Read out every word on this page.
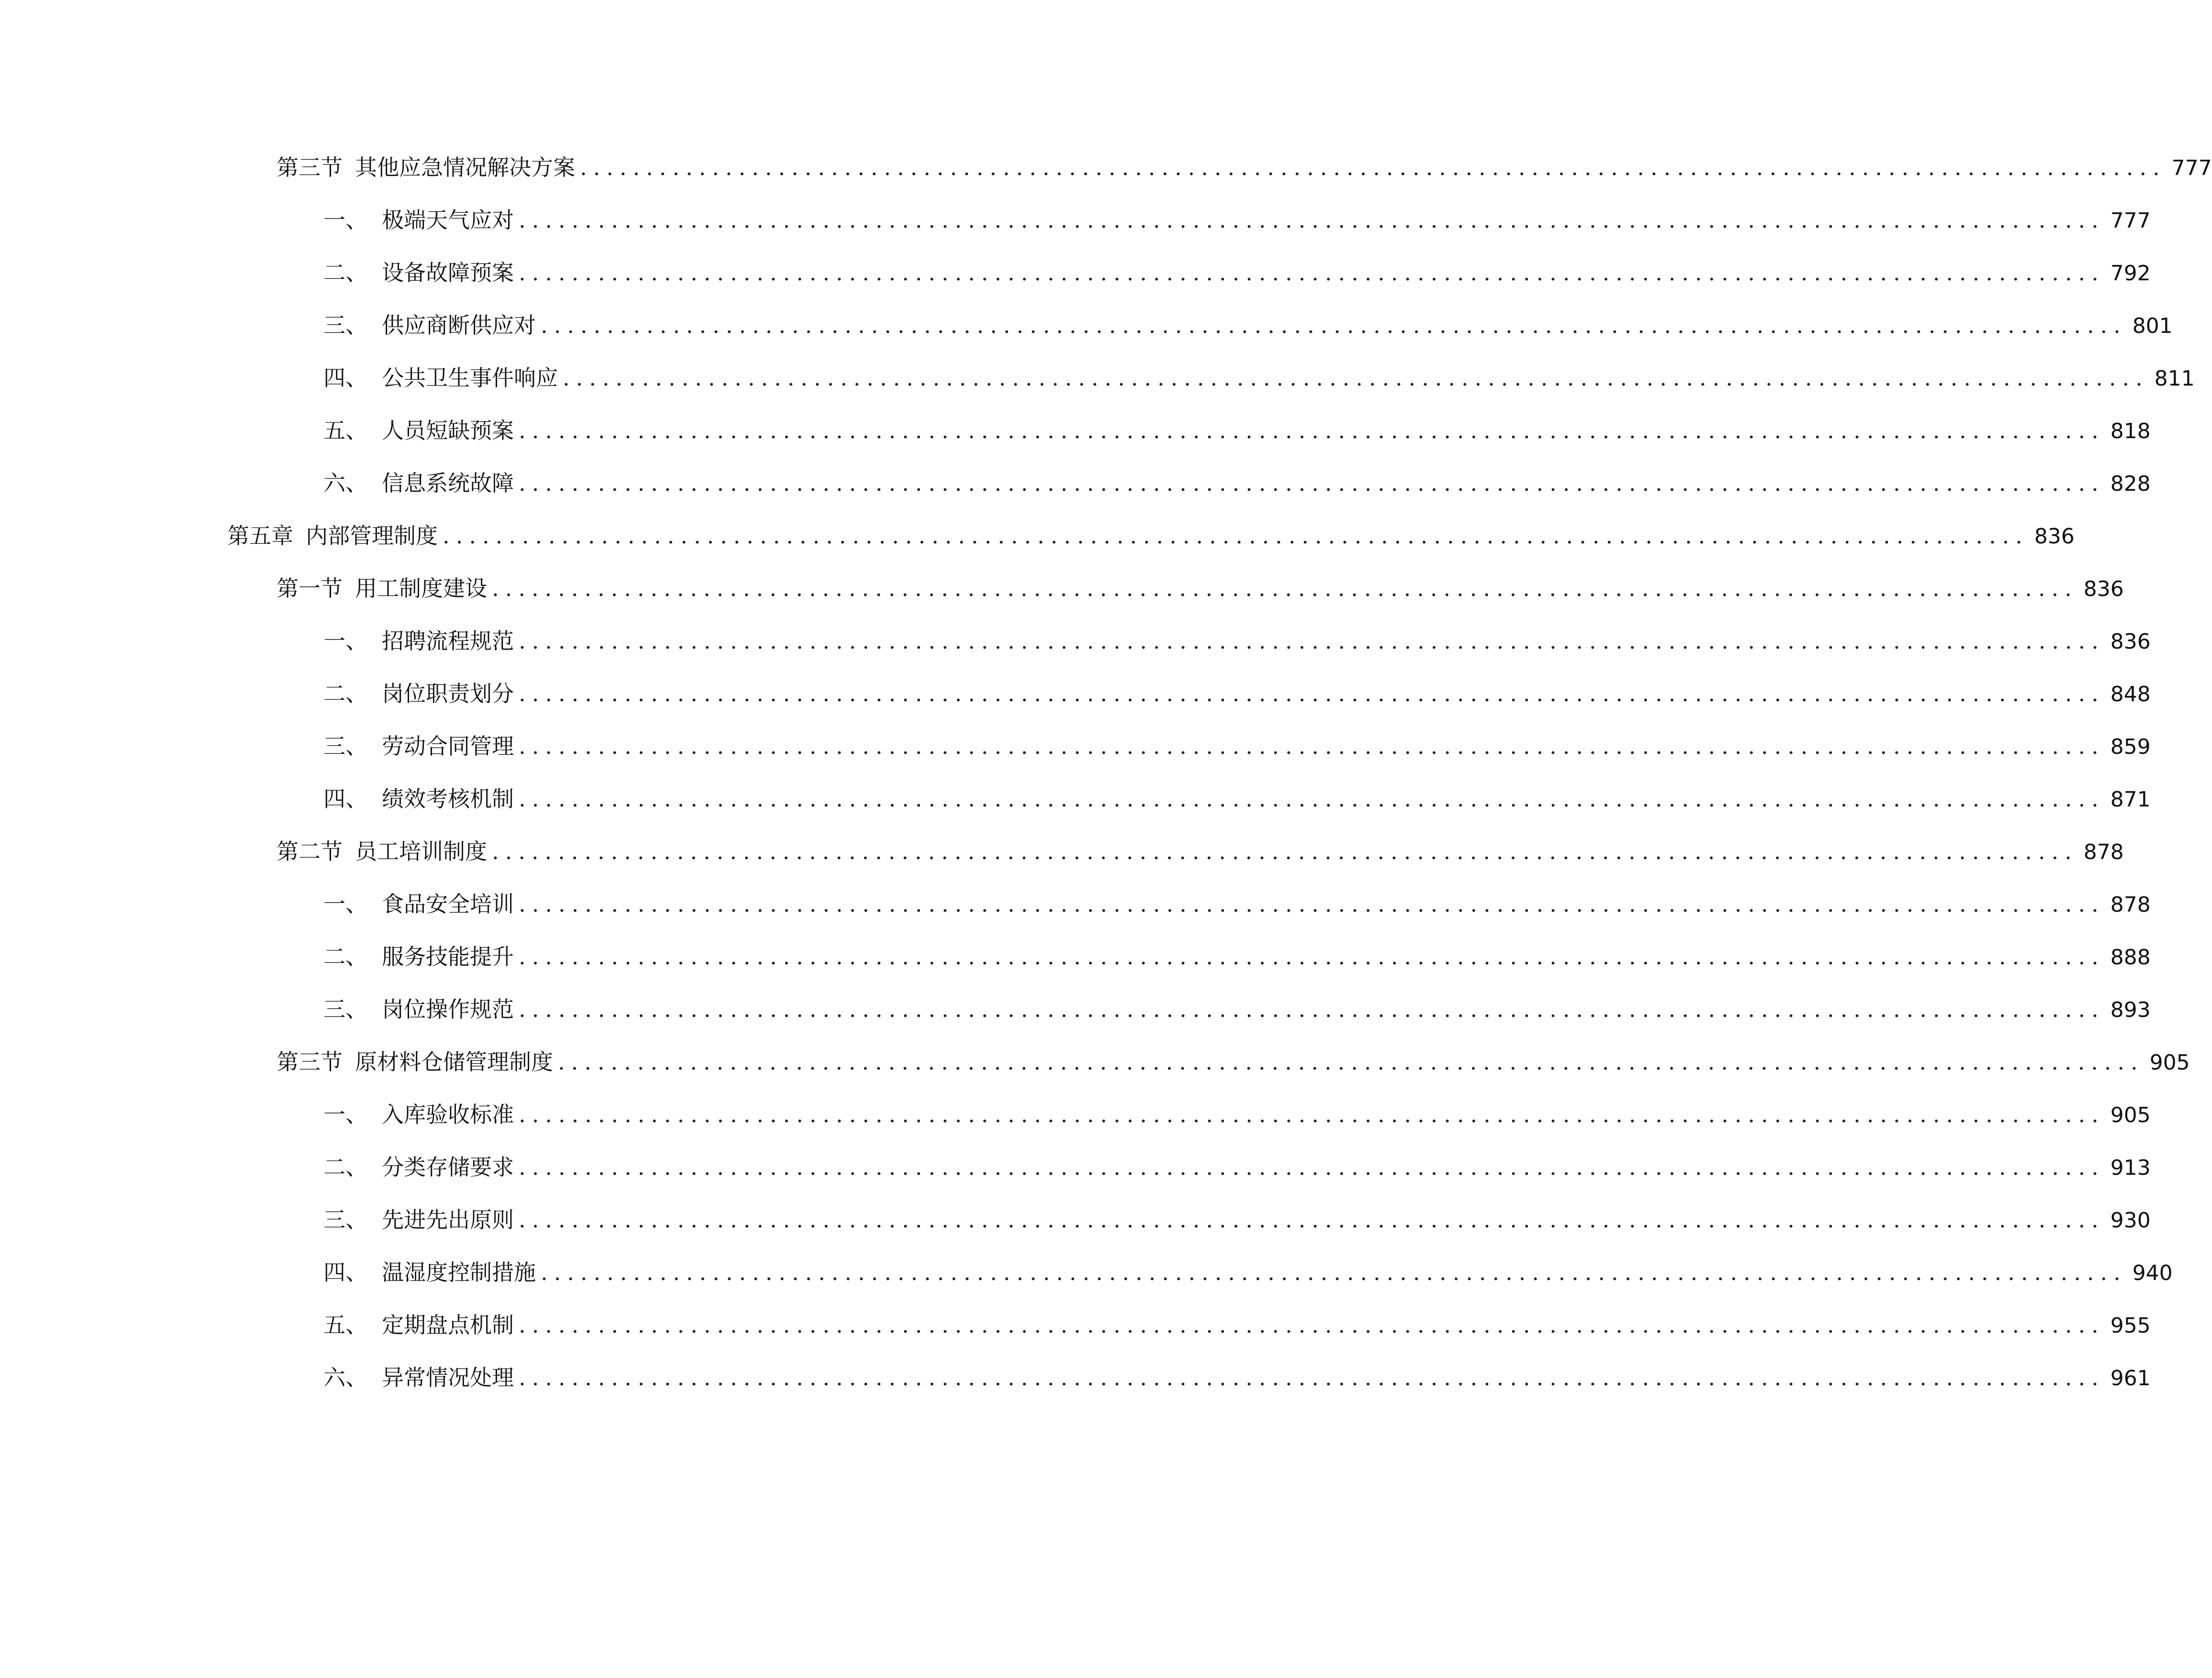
第三节 其他应急情况解决方案 ........................................................................................................................ 777
一、 极端天气应对 ........................................................................................................................ 777
二、 设备故障预案 ........................................................................................................................ 792
三、 供应商断供应对 ........................................................................................................................ 801
四、 公共卫生事件响应 ........................................................................................................................ 811
五、 人员短缺预案 ........................................................................................................................ 818
六、 信息系统故障 ........................................................................................................................ 828
第五章 内部管理制度 ........................................................................................................................ 836
第一节 用工制度建设 ........................................................................................................................ 836
一、 招聘流程规范 ........................................................................................................................ 836
二、 岗位职责划分 ........................................................................................................................ 848
三、 劳动合同管理 ........................................................................................................................ 859
四、 绩效考核机制 ........................................................................................................................ 871
第二节 员工培训制度 ........................................................................................................................ 878
一、 食品安全培训 ........................................................................................................................ 878
二、 服务技能提升 ........................................................................................................................ 888
三、 岗位操作规范 ........................................................................................................................ 893
第三节 原材料仓储管理制度 ........................................................................................................................ 905
一、 入库验收标准 ........................................................................................................................ 905
二、 分类存储要求 ........................................................................................................................ 913
三、 先进先出原则 ........................................................................................................................ 930
四、 温湿度控制措施 ........................................................................................................................ 940
五、 定期盘点机制 ........................................................................................................................ 955
六、 异常情况处理 ........................................................................................................................ 961
